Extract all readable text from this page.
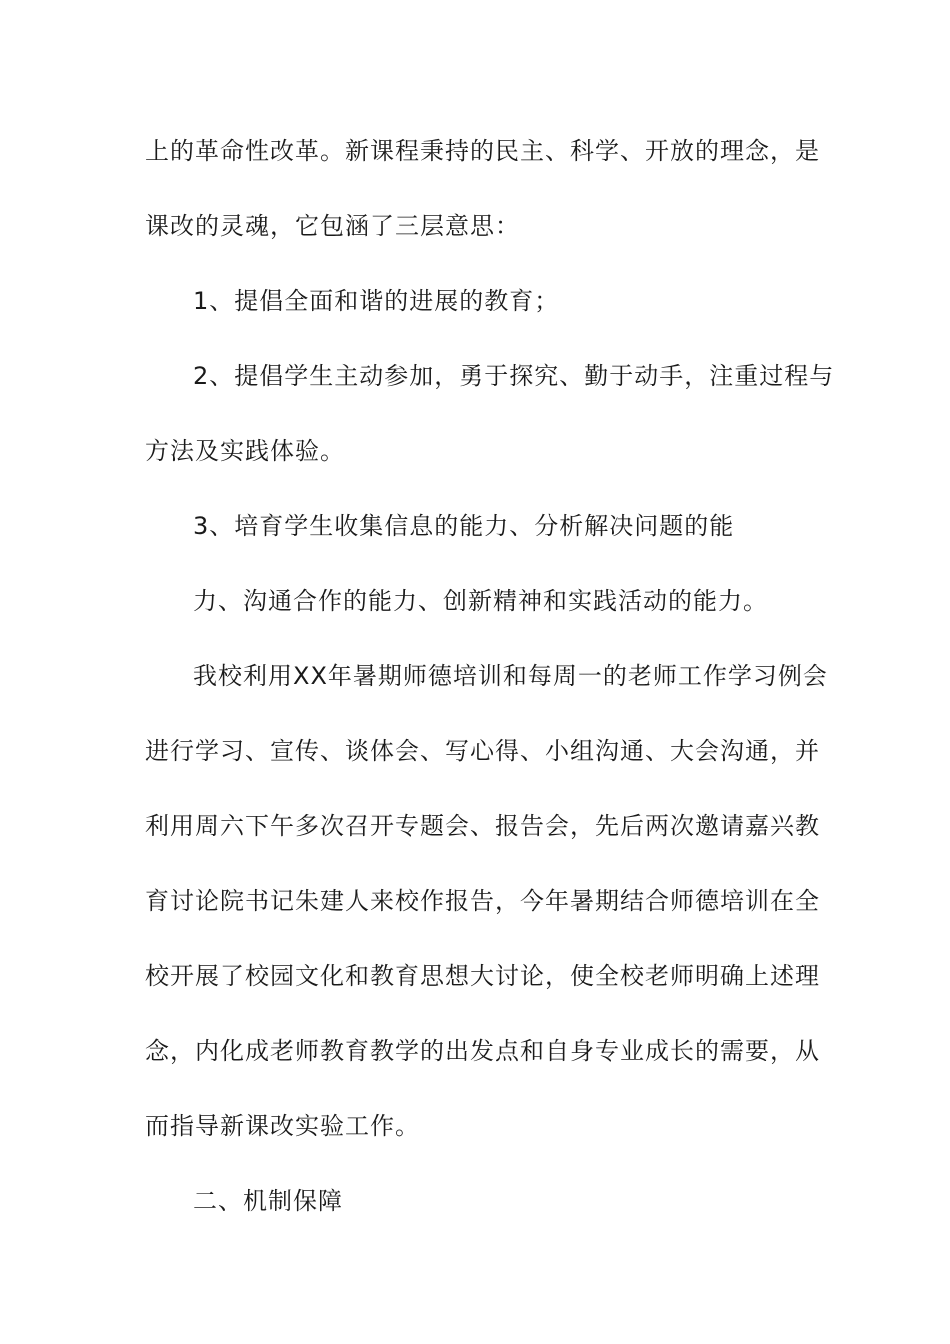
上的革命性改革。新课程秉持的民主、科学、开放的理念，是
课改的灵魂，它包涵了三层意思：
1、提倡全面和谐的进展的教育；
2、提倡学生主动参加，勇于探究、勤于动手，注重过程与
方法及实践体验。
3、培育学生收集信息的能力、分析解决问题的能
力、沟通合作的能力、创新精神和实践活动的能力。
我校利用XX年暑期师德培训和每周一的老师工作学习例会
进行学习、宣传、谈体会、写心得、小组沟通、大会沟通，并
利用周六下午多次召开专题会、报告会，先后两次邀请嘉兴教
育讨论院书记朱建人来校作报告，今年暑期结合师德培训在全
校开展了校园文化和教育思想大讨论，使全校老师明确上述理
念，内化成老师教育教学的出发点和自身专业成长的需要，从
而指导新课改实验工作。
二、机制保障
